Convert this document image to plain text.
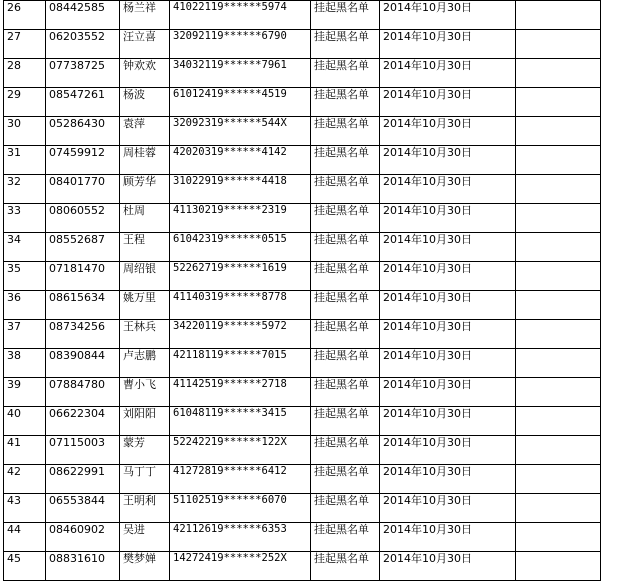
26	08442585	杨兰祥	41022119******5974	挂起黑名单	2014年10月30日	
27	06203552	汪立喜	32092119******6790	挂起黑名单	2014年10月30日	
28	07738725	钟欢欢	34032119******7961	挂起黑名单	2014年10月30日	
29	08547261	杨波	61012419******4519	挂起黑名单	2014年10月30日	
30	05286430	袁萍	32092319******544X	挂起黑名单	2014年10月30日	
31	07459912	周桂蓉	42020319******4142	挂起黑名单	2014年10月30日	
32	08401770	顾芳华	31022919******4418	挂起黑名单	2014年10月30日	
33	08060552	杜周	41130219******2319	挂起黑名单	2014年10月30日	
34	08552687	王程	61042319******0515	挂起黑名单	2014年10月30日	
35	07181470	周绍银	52262719******1619	挂起黑名单	2014年10月30日	
36	08615634	姚万里	41140319******8778	挂起黑名单	2014年10月30日	
37	08734256	王林兵	34220119******5972	挂起黑名单	2014年10月30日	
38	08390844	卢志鹏	42118119******7015	挂起黑名单	2014年10月30日	
39	07884780	曹小飞	41142519******2718	挂起黑名单	2014年10月30日	
40	06622304	刘阳阳	61048119******3415	挂起黑名单	2014年10月30日	
41	07115003	蒙芳	52242219******122X	挂起黑名单	2014年10月30日	
42	08622991	马丁丁	41272819******6412	挂起黑名单	2014年10月30日	
43	06553844	王明利	51102519******6070	挂起黑名单	2014年10月30日	
44	08460902	吴进	42112619******6353	挂起黑名单	2014年10月30日	
45	08831610	樊梦婵	14272419******252X	挂起黑名单	2014年10月30日	
